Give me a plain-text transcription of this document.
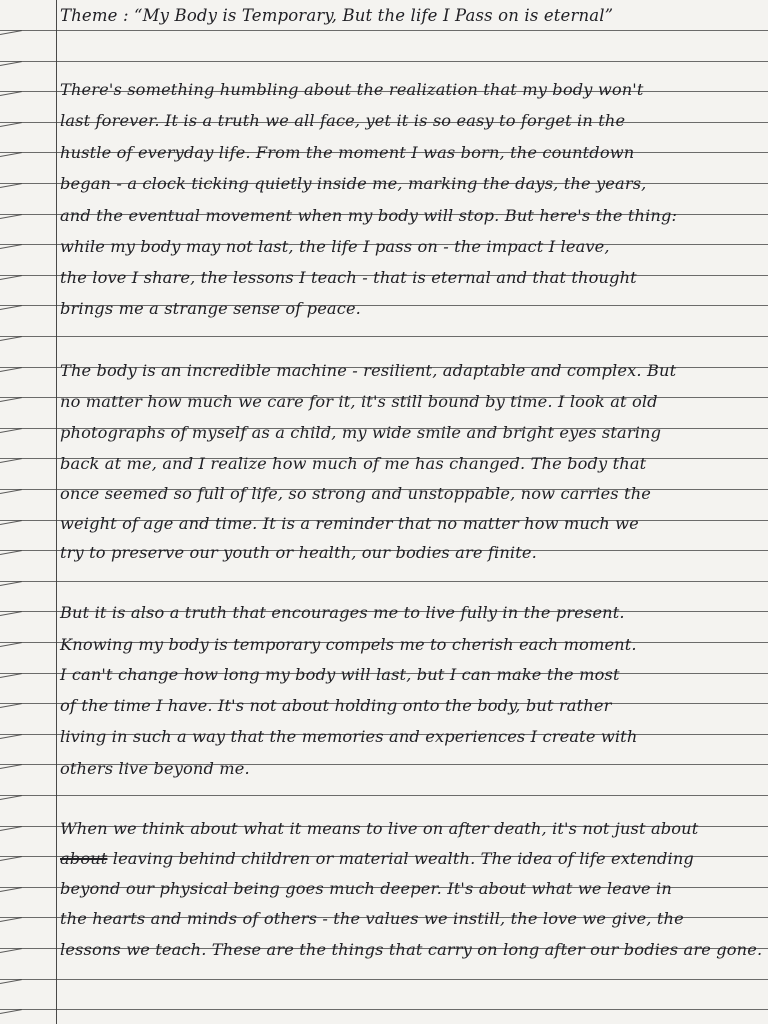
Theme : “My Body is Temporary, But the life I Pass on is eternal”
There's something humbling about the realization that my body won't
last forever. It is a truth we all face, yet it is so easy to forget in the
hustle of everyday life. From the moment I was born, the countdown
began - a clock ticking quietly inside me, marking the days, the years,
and the eventual movement when my body will stop. But here's the thing:
while my body may not last, the life I pass on - the impact I leave,
the love I share, the lessons I teach - that is eternal and that thought
brings me a strange sense of peace.
The body is an incredible machine - resilient, adaptable and complex. But
no matter how much we care for it, it's still bound by time. I look at old
photographs of myself as a child, my wide smile and bright eyes staring
back at me, and I realize how much of me has changed. The body that
once seemed so full of life, so strong and unstoppable, now carries the
weight of age and time. It is a reminder that no matter how much we
try to preserve our youth or health, our bodies are finite.
But it is also a truth that encourages me to live fully in the present.
Knowing my body is temporary compels me to cherish each moment.
I can't change how long my body will last, but I can make the most
of the time I have. It's not about holding onto the body, but rather
living in such a way that the memories and experiences I create with
others live beyond me.
When we think about what it means to live on after death, it's not just about
about leaving behind children or material wealth. The idea of life extending
beyond our physical being goes much deeper. It's about what we leave in
the hearts and minds of others - the values we instill, the love we give, the
lessons we teach. These are the things that carry on long after our bodies are gone.
